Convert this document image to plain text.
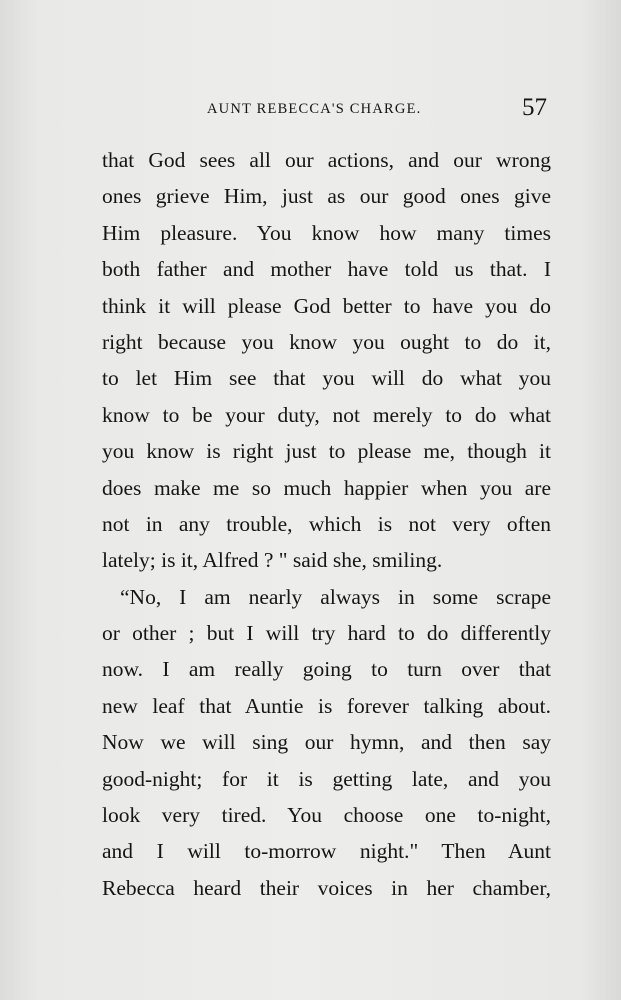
AUNT REBECCA'S CHARGE.	57
that God sees all our actions, and our wrong
ones grieve Him, just as our good ones give
Him pleasure. You know how many times
both father and mother have told us that. I
think it will please God better to have you do
right because you know you ought to do it,
to let Him see that you will do what you
know to be your duty, not merely to do what
you know is right just to please me, though it
does make me so much happier when you are
not in any trouble, which is not very often
lately; is it, Alfred ? " said she, smiling.
“No, I am nearly always in some scrape
or other ; but I will try hard to do differently
now. I am really going to turn over that
new leaf that Auntie is forever talking about.
Now we will sing our hymn, and then say
good-night; for it is getting late, and you
look very tired. You choose one to-night,
and I will to-morrow night." Then Aunt
Rebecca heard their voices in her chamber,
